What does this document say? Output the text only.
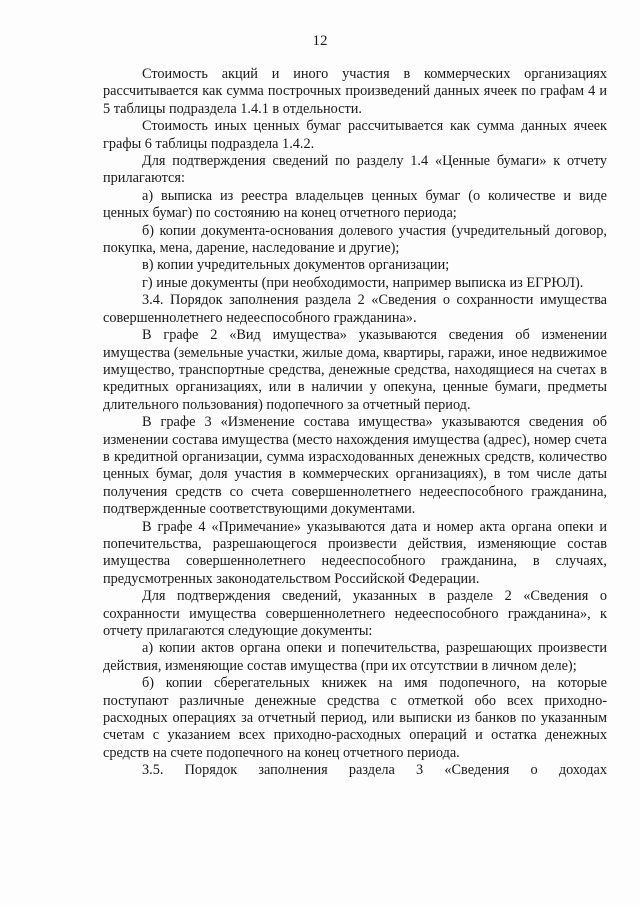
12

Стоимость акций и иного участия в коммерческих организациях рассчитывается как сумма построчных произведений данных ячеек по графам 4 и 5 таблицы подраздела 1.4.1 в отдельности.

Стоимость иных ценных бумаг рассчитывается как сумма данных ячеек графы 6 таблицы подраздела 1.4.2.

Для подтверждения сведений по разделу 1.4 «Ценные бумаги» к отчету прилагаются:

а) выписка из реестра владельцев ценных бумаг (о количестве и виде ценных бумаг) по состоянию на конец отчетного периода;

б) копии документа-основания долевого участия (учредительный договор, покупка, мена, дарение, наследование и другие);

в) копии учредительных документов организации;

г) иные документы (при необходимости, например выписка из ЕГРЮЛ).

3.4. Порядок заполнения раздела 2 «Сведения о сохранности имущества совершеннолетнего недееспособного гражданина».

В графе 2 «Вид имущества» указываются сведения об изменении имущества (земельные участки, жилые дома, квартиры, гаражи, иное недвижимое имущество, транспортные средства, денежные средства, находящиеся на счетах в кредитных организациях, или в наличии у опекуна, ценные бумаги, предметы длительного пользования) подопечного за отчетный период.

В графе 3 «Изменение состава имущества» указываются сведения об изменении состава имущества (место нахождения имущества (адрес), номер счета в кредитной организации, сумма израсходованных денежных средств, количество ценных бумаг, доля участия в коммерческих организациях), в том числе даты получения средств со счета совершеннолетнего недееспособного гражданина, подтвержденные соответствующими документами.

В графе 4 «Примечание» указываются дата и номер акта органа опеки и попечительства, разрешающегося произвести действия, изменяющие состав имущества совершеннолетнего недееспособного гражданина, в случаях, предусмотренных законодательством Российской Федерации.

Для подтверждения сведений, указанных в разделе 2 «Сведения о сохранности имущества совершеннолетнего недееспособного гражданина», к отчету прилагаются следующие документы:

а) копии актов органа опеки и попечительства, разрешающих произвести действия, изменяющие состав имущества (при их отсутствии в личном деле);

б) копии сберегательных книжек на имя подопечного, на которые поступают различные денежные средства с отметкой обо всех приходно-расходных операциях за отчетный период, или выписки из банков по указанным счетам с указанием всех приходно-расходных операций и остатка денежных средств на счете подопечного на конец отчетного периода.

3.5. Порядок заполнения раздела 3 «Сведения о доходах
